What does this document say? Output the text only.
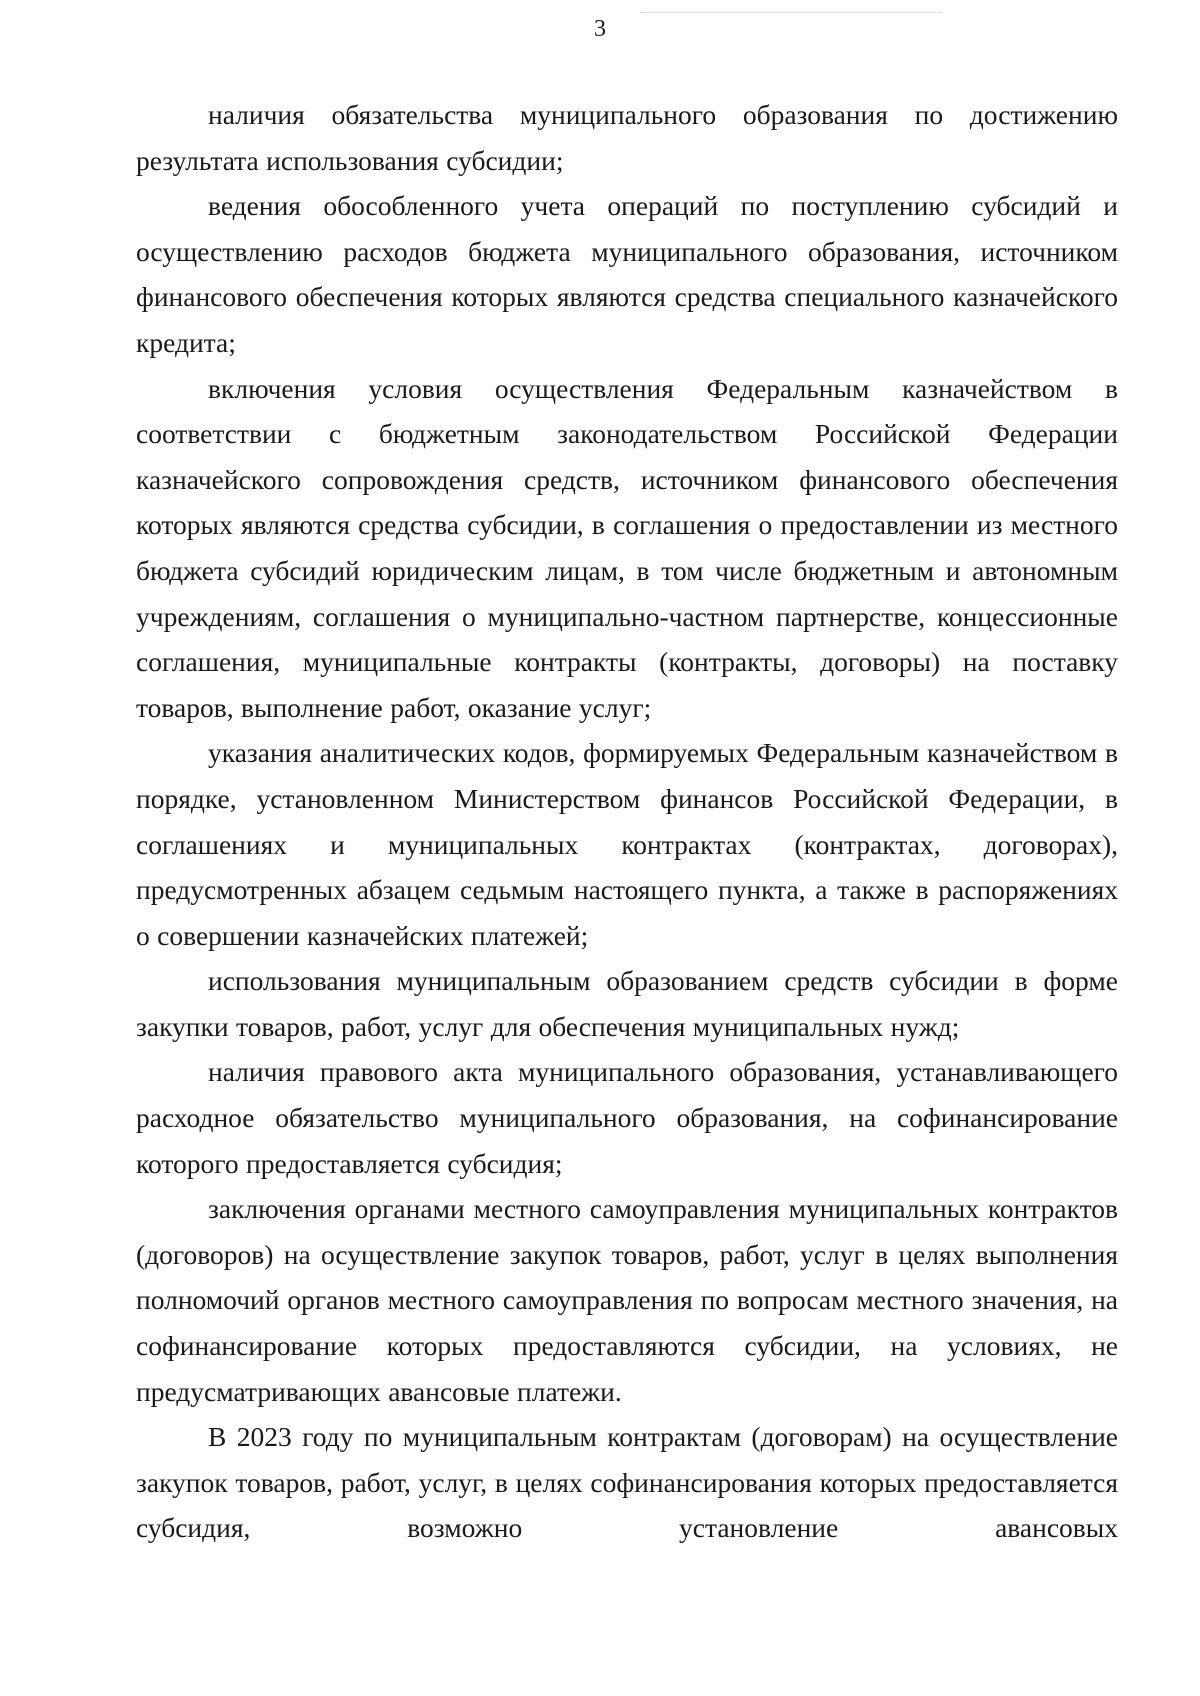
3

наличия обязательства муниципального образования по достижению результата использования субсидии;

ведения обособленного учета операций по поступлению субсидий и осуществлению расходов бюджета муниципального образования, источником финансового обеспечения которых являются средства специального казначейского кредита;

включения условия осуществления Федеральным казначейством в соответствии с бюджетным законодательством Российской Федерации казначейского сопровождения средств, источником финансового обеспечения которых являются средства субсидии, в соглашения о предоставлении из местного бюджета субсидий юридическим лицам, в том числе бюджетным и автономным учреждениям, соглашения о муниципально-частном партнерстве, концессионные соглашения, муниципальные контракты (контракты, договоры) на поставку товаров, выполнение работ, оказание услуг;

указания аналитических кодов, формируемых Федеральным казначейством в порядке, установленном Министерством финансов Российской Федерации, в соглашениях и муниципальных контрактах (контрактах, договорах), предусмотренных абзацем седьмым настоящего пункта, а также в распоряжениях о совершении казначейских платежей;

использования муниципальным образованием средств субсидии в форме закупки товаров, работ, услуг для обеспечения муниципальных нужд;

наличия правового акта муниципального образования, устанавливающего расходное обязательство муниципального образования, на софинансирование которого предоставляется субсидия;

заключения органами местного самоуправления муниципальных контрактов (договоров) на осуществление закупок товаров, работ, услуг в целях выполнения полномочий органов местного самоуправления по вопросам местного значения, на софинансирование которых предоставляются субсидии, на условиях, не предусматривающих авансовые платежи.

В 2023 году по муниципальным контрактам (договорам) на осуществление закупок товаров, работ, услуг, в целях софинансирования которых предоставляется субсидия, возможно установление авансовых
